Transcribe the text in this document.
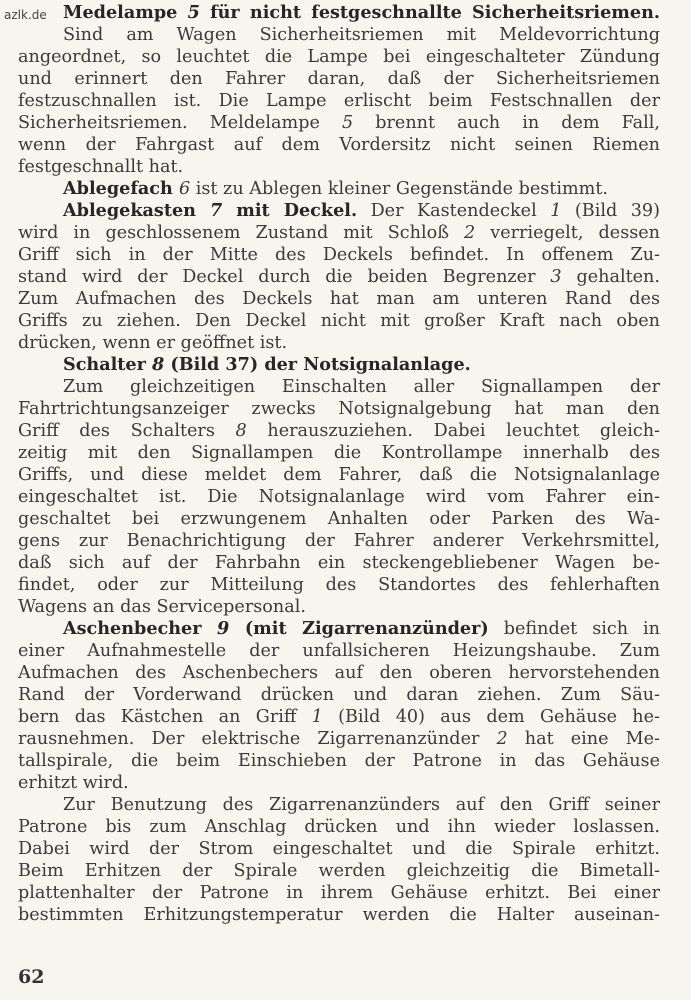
azlk.de Medelampe 5 für nicht festgeschnallte Sicherheitsriemen.
Sind am Wagen Sicherheitsriemen mit Meldevorrichtung
angeordnet, so leuchtet die Lampe bei eingeschalteter Zündung
und erinnert den Fahrer daran, daß der Sicherheitsriemen
festzuschnallen ist. Die Lampe erlischt beim Festschnallen der
Sicherheitsriemen. Meldelampe 5 brennt auch in dem Fall,
wenn der Fahrgast auf dem Vordersitz nicht seinen Riemen
festgeschnallt hat.
Ablegefach 6 ist zu Ablegen kleiner Gegenstände bestimmt.
Ablegekasten 7 mit Deckel. Der Kastendeckel 1 (Bild 39)
wird in geschlossenem Zustand mit Schloß 2 verriegelt, dessen
Griff sich in der Mitte des Deckels befindet. In offenem Zu-
stand wird der Deckel durch die beiden Begrenzer 3 gehalten.
Zum Aufmachen des Deckels hat man am unteren Rand des
Griffs zu ziehen. Den Deckel nicht mit großer Kraft nach oben
drücken, wenn er geöffnet ist.
Schalter 8 (Bild 37) der Notsignalanlage.
Zum gleichzeitigen Einschalten aller Signallampen der
Fahrtrichtungsanzeiger zwecks Notsignalgebung hat man den
Griff des Schalters 8 herauszuziehen. Dabei leuchtet gleich-
zeitig mit den Signallampen die Kontrollampe innerhalb des
Griffs, und diese meldet dem Fahrer, daß die Notsignalanlage
eingeschaltet ist. Die Notsignalanlage wird vom Fahrer ein-
geschaltet bei erzwungenem Anhalten oder Parken des Wa-
gens zur Benachrichtigung der Fahrer anderer Verkehrsmittel,
daß sich auf der Fahrbahn ein steckengebliebener Wagen be-
findet, oder zur Mitteilung des Standortes des fehlerhaften
Wagens an das Servicepersonal.
Aschenbecher 9 (mit Zigarrenanzünder) befindet sich in
einer Aufnahmestelle der unfallsicheren Heizungshaube. Zum
Aufmachen des Aschenbechers auf den oberen hervorstehenden
Rand der Vorderwand drücken und daran ziehen. Zum Säu-
bern das Kästchen an Griff 1 (Bild 40) aus dem Gehäuse he-
rausnehmen. Der elektrische Zigarrenanzünder 2 hat eine Me-
tallspirale, die beim Einschieben der Patrone in das Gehäuse
erhitzt wird.
Zur Benutzung des Zigarrenanzünders auf den Griff seiner
Patrone bis zum Anschlag drücken und ihn wieder loslassen.
Dabei wird der Strom eingeschaltet und die Spirale erhitzt.
Beim Erhitzen der Spirale werden gleichzeitig die Bimetall-
plattenhalter der Patrone in ihrem Gehäuse erhitzt. Bei einer
bestimmten Erhitzungstemperatur werden die Halter auseinan-
62
